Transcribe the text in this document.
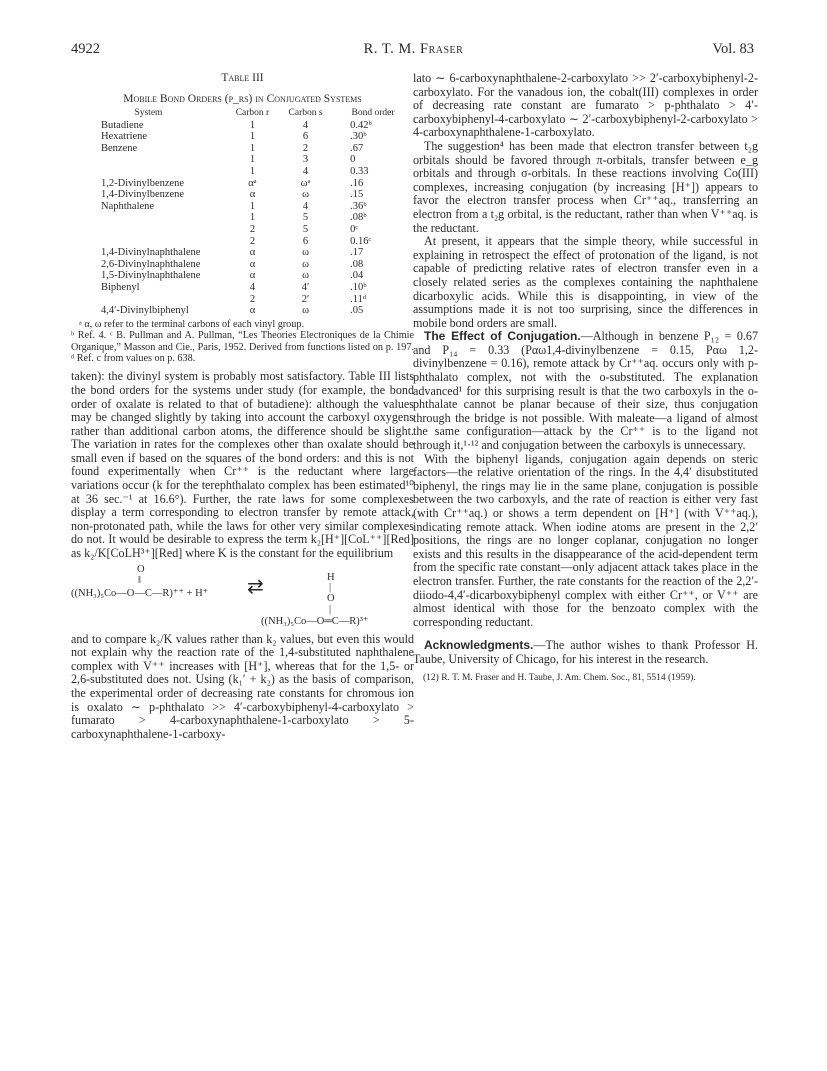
4922	R. T. M. Fraser	Vol. 83
Table III
Mobile Bond Orders (p_rs) in Conjugated Systems
System	Carbon r	Carbon s	Bond order
Butadiene	1	4	0.42ᵇ
Hexatriene	1	6	.30ᵇ
Benzene	1	2	.67
	1	3	0
	1	4	0.33
1,2-Divinylbenzene	αᵃ	ωᵃ	.16
1,4-Divinylbenzene	α	ω	.15
Naphthalene	1	4	.36ᵇ
	1	5	.08ᵇ
	2	5	0ᶜ
	2	6	0.16ᶜ
1,4-Divinylnaphthalene	α	ω	.17
2,6-Divinylnaphthalene	α	ω	.08
1,5-Divinylnaphthalene	α	ω	.04
Biphenyl	4	4′	.10ᵇ
	2	2′	.11ᵈ
4,4′-Divinylbiphenyl	α	ω	.05
ᵃ α, ω refer to the terminal carbons of each vinyl group.
ᵇ Ref. 4. ᶜ B. Pullman and A. Pullman, “Les Theories Electroniques de la Chimie Organique,” Masson and Cie., Paris, 1952. Derived from functions listed on p. 197. ᵈ Ref. c from values on p. 638.

taken): the divinyl system is probably most satisfactory. Table III lists the bond orders for the systems under study (for example, the bond order of oxalate is related to that of butadiene): although the values may be changed slightly by taking into account the carboxyl oxygens rather than additional carbon atoms, the difference should be slight. The variation in rates for the complexes other than oxalate should be small even if based on the squares of the bond orders: and this is not found experimentally when Cr⁺⁺ is the reductant where large variations occur (k for the terephthalato complex has been estimated¹⁰ at 36 sec.⁻¹ at 16.6°). Further, the rate laws for some complexes display a term corresponding to electron transfer by remote attack, non-protonated path, while the laws for other very similar complexes do not. It would be desirable to express the term k₂[H⁺][CoL⁺⁺][Red] as k₂/K[CoLH³⁺][Red] where K is the constant for the equilibrium

O
‖
((NH₃)₅Co—O—C—R)⁺⁺ + H⁺ ⇄	H
|
O
|
((NH₃)₅Co—O═C—R)³⁺

and to compare k₂/K values rather than k₂ values, but even this would not explain why the reaction rate of the 1,4-substituted naphthalene complex with V⁺⁺ increases with [H⁺], whereas that for the 1,5- or 2,6-substituted does not. Using (k₁′ + k₂) as the basis of comparison, the experimental order of decreasing rate constants for chromous ion is oxalato ∼ p-phthalato >> 4′-carboxybiphenyl-4-carboxylato > fumarato > 4-carboxynaphthalene-1-carboxylato > 5-carboxynaphthalene-1-carboxy-

lato ∼ 6-carboxynaphthalene-2-carboxylato >> 2′-carboxybiphenyl-2-carboxylato. For the vanadous ion, the cobalt(III) complexes in order of decreasing rate constant are fumarato > p-phthalato > 4′-carboxybiphenyl-4-carboxylato ∼ 2′-carboxybiphenyl-2-carboxylato > 4-carboxynaphthalene-1-carboxylato.

The suggestion⁴ has been made that electron transfer between t₂g orbitals should be favored through π-orbitals, transfer between e_g orbitals and through σ-orbitals. In these reactions involving Co(III) complexes, increasing conjugation (by increasing [H⁺]) appears to favor the electron transfer process when Cr⁺⁺aq., transferring an electron from a t₂g orbital, is the reductant, rather than when V⁺⁺aq. is the reductant.

At present, it appears that the simple theory, while successful in explaining in retrospect the effect of protonation of the ligand, is not capable of predicting relative rates of electron transfer even in a closely related series as the complexes containing the naphthalene dicarboxylic acids. While this is disappointing, in view of the assumptions made it is not too surprising, since the differences in mobile bond orders are small.

The Effect of Conjugation.—Although in benzene P₁₂ = 0.67 and P₁₄ = 0.33 (Pαω1,4-divinylbenzene = 0.15, Pαω 1,2-divinylbenzene = 0.16), remote attack by Cr⁺⁺aq. occurs only with p-phthalato complex, not with the o-substituted. The explanation advanced¹ for this surprising result is that the two carboxyls in the o-phthalate cannot be planar because of their size, thus conjugation through the bridge is not possible. With maleate—a ligand of almost the same configuration—attack by the Cr⁺⁺ is to the ligand not through it,¹·¹² and conjugation between the carboxyls is unnecessary.

With the biphenyl ligands, conjugation again depends on steric factors—the relative orientation of the rings. In the 4,4′ disubstituted biphenyl, the rings may lie in the same plane, conjugation is possible between the two carboxyls, and the rate of reaction is either very fast (with Cr⁺⁺aq.) or shows a term dependent on [H⁺] (with V⁺⁺aq.), indicating remote attack. When iodine atoms are present in the 2,2′ positions, the rings are no longer coplanar, conjugation no longer exists and this results in the disappearance of the acid-dependent term from the specific rate constant—only adjacent attack takes place in the electron transfer. Further, the rate constants for the reaction of the 2,2′-diiodo-4,4′-dicarboxybiphenyl complex with either Cr⁺⁺, or V⁺⁺ are almost identical with those for the benzoato complex with the corresponding reductant.

Acknowledgments.—The author wishes to thank Professor H. Taube, University of Chicago, for his interest in the research.

(12) R. T. M. Fraser and H. Taube, J. Am. Chem. Soc., 81, 5514 (1959).
